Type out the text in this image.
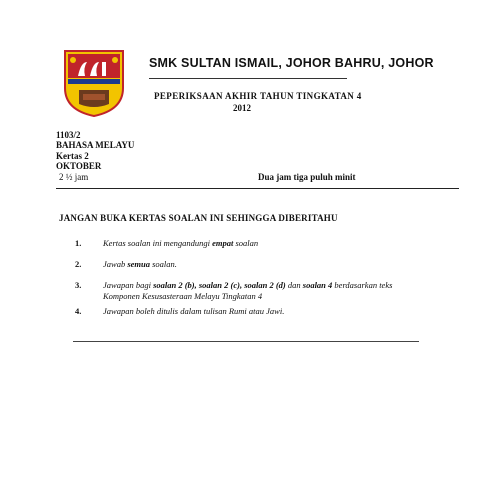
SMK SULTAN ISMAIL, JOHOR BAHRU, JOHOR
PEPERIKSAAN AKHIR TAHUN TINGKATAN 4
2012
1103/2
BAHASA MELAYU
Kertas 2
OKTOBER
2 ½ jam	Dua jam tiga puluh minit
JANGAN BUKA KERTAS SOALAN INI SEHINGGA DIBERITAHU
1.	Kertas soalan ini mengandungi empat soalan
2.	Jawab semua soalan.
3.	Jawapan bagi soalan 2 (b), soalan 2 (c), soalan 2 (d) dan soalan 4 berdasarkan teks
Komponen Kesusasteraan Melayu Tingkatan 4
4.	Jawapan boleh ditulis dalam tulisan Rumi atau Jawi.
